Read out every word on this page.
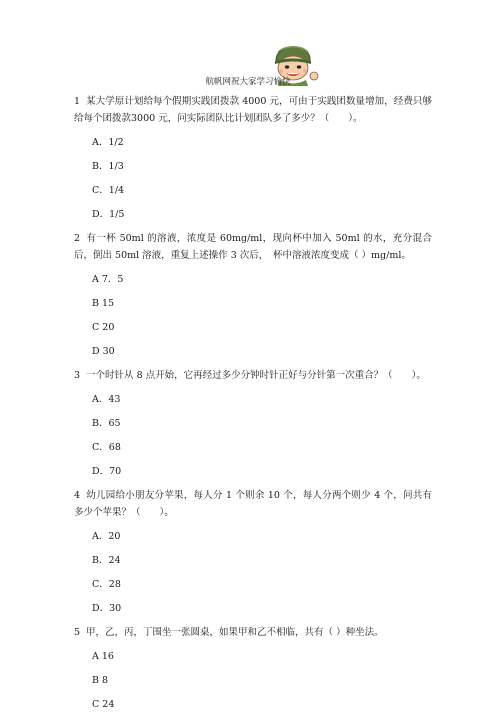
航帆网祝大家学习愉快
1 某大学原计划给每个假期实践团拨款 4000 元，可由于实践团数量增加，经费只够给每个团拨款3000 元，问实际团队比计划团队多了多少？（　　）。
A．1/2
B．1/3
C．1/4
D．1/5
2 有一杯 50ml 的溶液，浓度是 60mg/ml，现向杯中加入 50ml 的水，充分混合后，倒出 50ml 溶液，重复上述操作 3 次后，　杯中溶液浓度变成（ ）mg/ml。
A 7．5
B 15
C 20
D 30
3 一个时针从 8 点开始，它再经过多少分钟时针正好与分针第一次重合？（　　）。
A．43
B．65
C．68
D．70
4 幼儿园给小朋友分苹果，每人分 1 个则余 10 个，每人分两个则少 4 个，问共有多少个苹果？（　　）。
A．20
B．24
C．28
D．30
5 甲，乙，丙，丁围坐一张圆桌，如果甲和乙不相临，共有（ ）种坐法。
A 16
B 8
C 24
